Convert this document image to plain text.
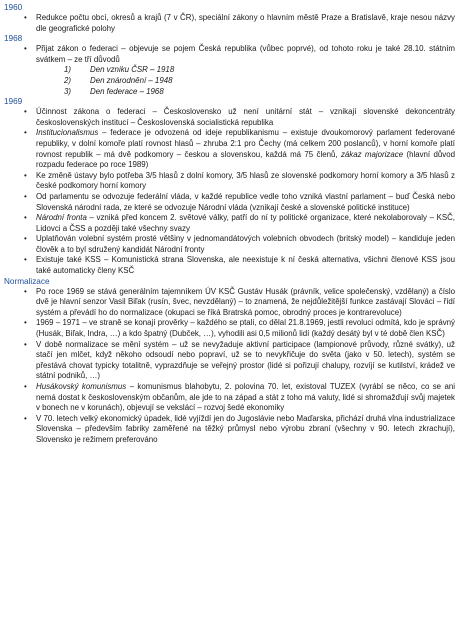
1960
• Redukce počtu obcí, okresů a krajů (7 v ČR), speciální zákony o hlavním městě Praze a Bratislavě, kraje nesou názvy dle geografické polohy
1968
• Přijat zákon o federaci – objevuje se pojem Česká republika (vůbec poprvé), od tohoto roku je také 28.10. státním svátkem – ze tří důvodů
1) Den vzniku ČSR – 1918
2) Den znárodnění – 1948
3) Den federace – 1968
1969
• Účinnost zákona o federaci – Československo už není unitární stát – vznikají slovenské dekoncentráty československých institucí – Československá socialistická republika
• Institucionalismus – federace je odvozená od ideje republikanismu – existuje dvoukomorový parlament federované republiky, v dolní komoře platí rovnost hlasů – zhruba 2:1 pro Čechy (má celkem 200 poslanců), v horní komoře platí rovnost republik – má dvě podkomory – českou a slovenskou, každá má 75 členů, zákaz majorizace (hlavní důvod rozpadu federace po roce 1989)
• Ke změně ústavy bylo potřeba 3/5 hlasů z dolní komory, 3/5 hlasů ze slovenské podkomory horní komory a 3/5 hlasů z české podkomory horní komory
• Od parlamentu se odvozuje federální vláda, v každé republice vedle toho vzniká vlastní parlament – buď Česká nebo Slovenská národní rada, ze které se odvozuje Národní vláda (vznikají české a slovenské politické instituce)
• Národní fronta – vzniká před koncem 2. světové války, patří do ní ty politické organizace, které nekolaborovaly – KSČ, Lidovci a ČSS a později také všechny svazy
• Uplatňován volební systém prosté většiny v jednomandátových volebních obvodech (britský model) – kandiduje jeden člověk a to byl sdružený kandidát Národní fronty
• Existuje také KSS – Komunistická strana Slovenska, ale neexistuje k ní česká alternativa, všichni členové KSS jsou také automaticky členy KSČ
Normalizace
• Po roce 1969 se stává generálním tajemníkem ÚV KSČ Gustáv Husák (právník, velice společenský, vzdělaný) a číslo dvě je hlavní senzor Vasil Biľak (rusín, švec, nevzdělaný) – to znamená, že nejdůležitější funkce zastávají Slováci – řídí systém a převádí ho do normalizace (okupaci se říká Bratrská pomoc, obrodný proces je kontrarevoluce)
• 1969 – 1971 – ve straně se konají prověrky – každého se ptali, co dělal 21.8.1969, jestli revoluci odmítá, kdo je správný (Husák, Biľak, Indra, …) a kdo špatný (Dubček, …), vyhodili asi 0,5 milionů lidí (každý desátý byl v té době člen KSČ)
• V době normalizace se mění systém – už se nevyžaduje aktivní participace (lampionové průvody, různé svátky), už stačí jen mlčet, když někoho odsoudí nebo popraví, už se to nevykřičuje do světa (jako v 50. letech), systém se přestává chovat typicky totalitně, vyprazdňuje se veřejný prostor (lidé si pořizují chalupy, rozvíjí se kutilství, krádež ve státní podniků, …)
• Husákovský komunismus – komunismus blahobytu, 2. polovina 70. let, existoval TUZEX (vyrábí se něco, co se ani nemá dostat k československým občanům, ale jde to na západ a stát z toho má valuty, lidé si shromažďují svůj majetek v bonech ne v korunách), objevují se vekslácí – rozvoj šedé ekonomiky
• V 70. letech velký ekonomický úpadek, lidé vyjíždí jen do Jugoslávie nebo Maďarska, přichází druhá vlna industrializace Slovenska – především fabriky zaměřené na těžký průmysl nebo výrobu zbraní (všechny v 90. letech zkrachují), Slovensko je režimem preferováno
